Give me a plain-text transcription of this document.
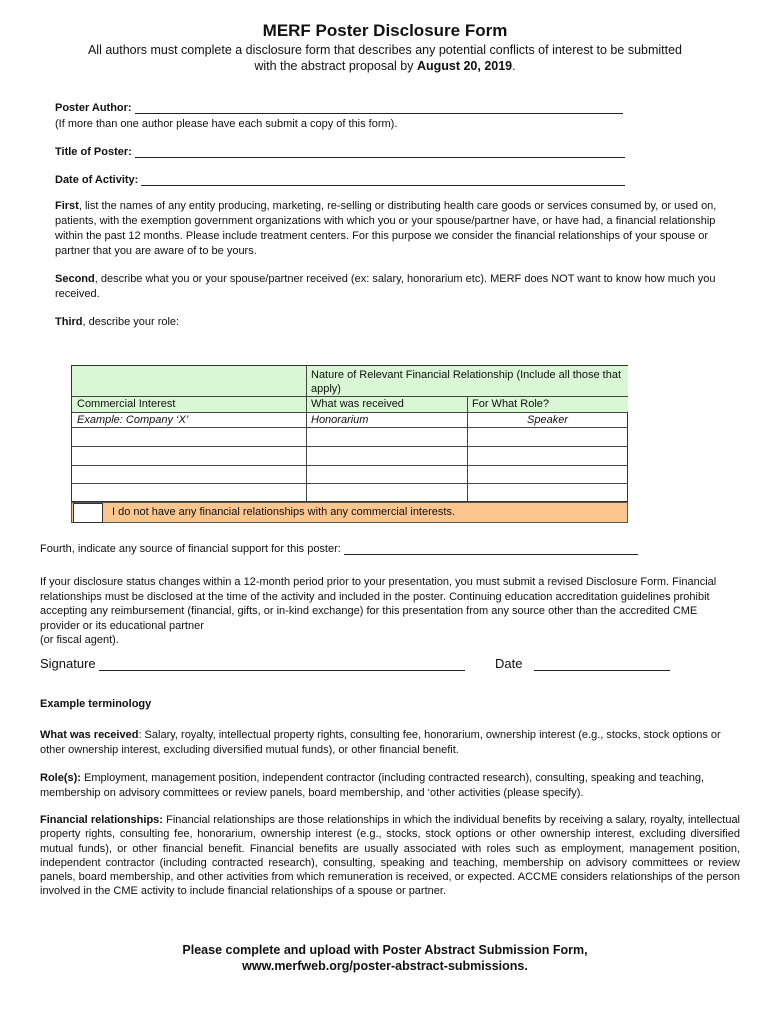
MERF Poster Disclosure Form
All authors must complete a disclosure form that describes any potential conflicts of interest to be submitted with the abstract proposal by August 20, 2019.
Poster Author:
(If more than one author please have each submit a copy of this form).
Title of Poster:
Date of Activity:
First, list the names of any entity producing, marketing, re-selling or distributing health care goods or services consumed by, or used on, patients, with the exemption government organizations with which you or your spouse/partner have, or have had, a financial relationship within the past 12 months. Please include treatment centers. For this purpose we consider the financial relationships of your spouse or partner that you are aware of to be yours.
Second, describe what you or your spouse/partner received (ex: salary, honorarium etc). MERF does NOT want to know how much you received.
Third, describe your role:
Nature of Relevant Financial Relationship (Include all those that apply)
Commercial Interest	What was received	For What Role?
Example: Company ‘X’	Honorarium	Speaker
I do not have any financial relationships with any commercial interests.
Fourth, indicate any source of financial support for this poster:
If your disclosure status changes within a 12-month period prior to your presentation, you must submit a revised Disclosure Form. Financial relationships must be disclosed at the time of the activity and included in the poster. Continuing education accreditation guidelines prohibit accepting any reimbursement (financial, gifts, or in-kind exchange) for this presentation from any source other than the accredited CME provider or its educational partner
(or fiscal agent).
Signature	Date
Example terminology
What was received: Salary, royalty, intellectual property rights, consulting fee, honorarium, ownership interest (e.g., stocks, stock options or other ownership interest, excluding diversified mutual funds), or other financial benefit.
Role(s): Employment, management position, independent contractor (including contracted research), consulting, speaking and teaching, membership on advisory committees or review panels, board membership, and ‘other activities (please specify).
Financial relationships: Financial relationships are those relationships in which the individual benefits by receiving a salary, royalty, intellectual property rights, consulting fee, honorarium, ownership interest (e.g., stocks, stock options or other ownership interest, excluding diversified mutual funds), or other financial benefit. Financial benefits are usually associated with roles such as employment, management position, independent contractor (including contracted research), consulting, speaking and teaching, membership on advisory committees or review panels, board membership, and other activities from which remuneration is received, or expected. ACCME considers relationships of the person involved in the CME activity to include financial relationships of a spouse or partner.
Please complete and upload with Poster Abstract Submission Form,
www.merfweb.org/poster-abstract-submissions.
